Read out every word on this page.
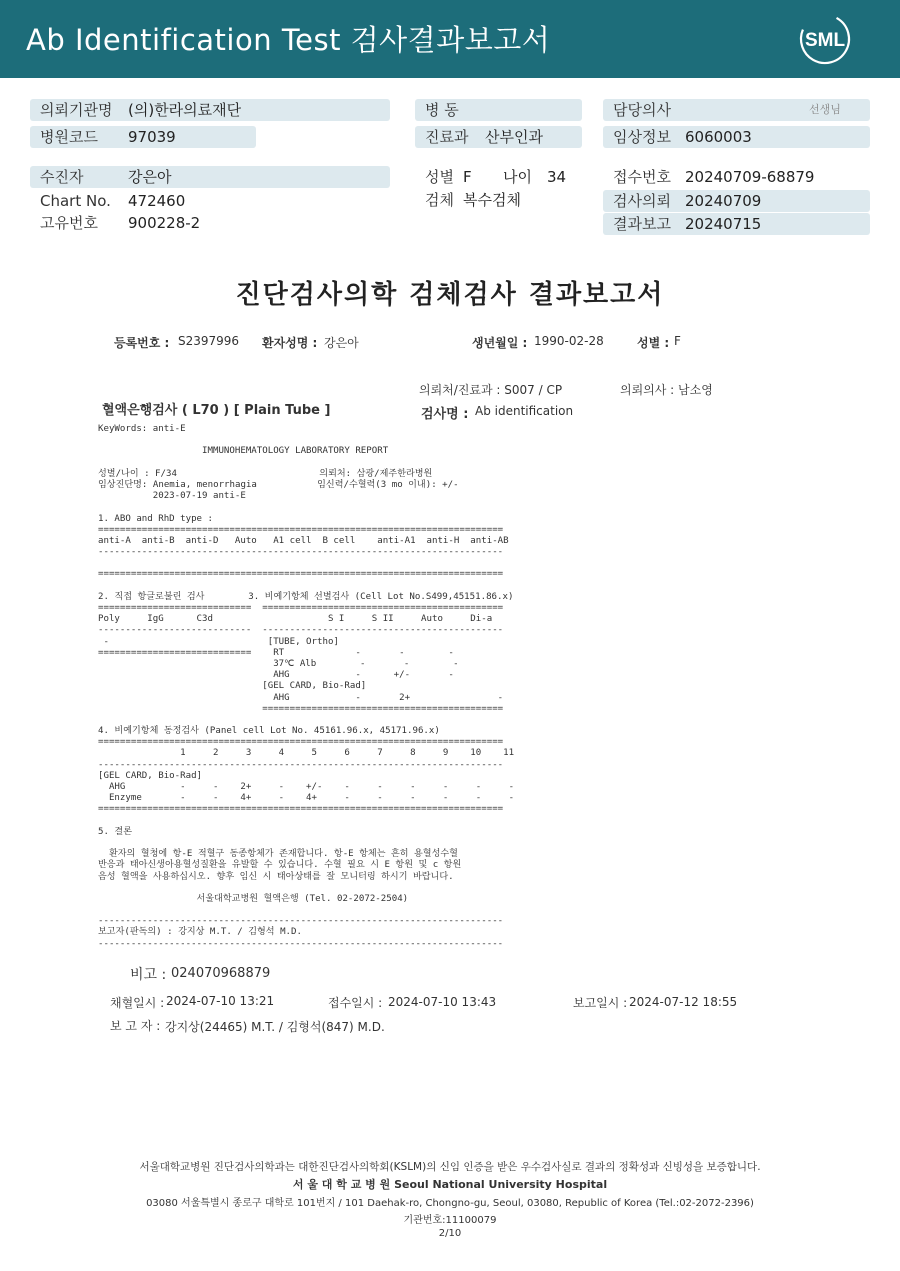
Ab Identification Test 검사결과보고서	SML
의뢰기관명 (의)한라의료재단
병원코드 97039
수진자	강은아
Chart No. 472460
고유번호 900228-2
병 동
진료과 산부인과
성별 F 나이 34
검체 복수검체
담당의사	선생님
임상정보 6060003
접수번호 20240709-68879
검사의뢰 20240709
결과보고 20240715
진단검사의학 검체검사 결과보고서
등록번호 : S2397996 환자성명 : 강은아	생년월일 : 1990-02-28	성별 : F
의뢰처/진료과 : S007 / CP	의뢰의사 : 남소영
혈액은행검사 ( L70 ) [ Plain Tube ]	검사명 : Ab identification
KeyWords: anti-E
IMMUNOHEMATOLOGY LABORATORY REPORT
성별/나이 : F/34                          의뢰처: 삼광/제주한라병원
임상진단명: Anemia, menorrhagia           임신력/수혈력(3 mo 이내): +/-
2023-07-19 anti-E
1. ABO and RhD type :
==========================================================================
anti-A  anti-B  anti-D   Auto   A1 cell  B cell    anti-A1  anti-H  anti-AB
--------------------------------------------------------------------------
==========================================================================
2. 직접 항글로불린 검사        3. 비예기항체 선별검사 (Cell Lot No.S499,45151.86.x)
============================  ============================================
Poly     IgG      C3d                     S I     S II     Auto     Di-a
----------------------------  --------------------------------------------
-                             [TUBE, Ortho]
============================    RT             -       -        -
37℃ Alb        -       -        -
AHG            -      +/-       -
[GEL CARD, Bio-Rad]
AHG            -       2+                -
============================================
4. 비예기항체 동정검사 (Panel cell Lot No. 45161.96.x, 45171.96.x)
==========================================================================
1     2     3     4     5     6     7     8     9    10    11
--------------------------------------------------------------------------
[GEL CARD, Bio-Rad]
AHG          -     -    2+     -    +/-    -     -     -     -     -     -
Enzyme       -     -    4+     -    4+     -     -     -     -     -     -
==========================================================================
5. 결론
환자의 혈청에 항-E 적혈구 동종항체가 존재합니다. 항-E 항체는 흔히 용혈성수혈
반응과 태아신생아용혈성질환을 유발할 수 있습니다. 수혈 필요 시 E 항원 및 c 항원
음성 혈액을 사용하십시오. 향후 임신 시 태아상태를 잘 모니터링 하시기 바랍니다.
서울대학교병원 혈액은행 (Tel. 02-2072-2504)
--------------------------------------------------------------------------
보고자(판독의) : 강지상 M.T. / 김형석 M.D.
--------------------------------------------------------------------------
비고 : 024070968879
채혈일시 : 2024-07-10 13:21	접수일시 : 2024-07-10 13:43	보고일시 : 2024-07-12 18:55
보 고 자 : 강지상(24465) M.T. / 김형석(847) M.D.
서울대학교병원 진단검사의학과는 대한진단검사의학회(KSLM)의 신임 인증을 받은 우수검사실로 결과의 정확성과 신빙성을 보증합니다.
서 울 대 학 교 병 원 Seoul National University Hospital
03080 서울특별시 종로구 대학로 101번지 / 101 Daehak-ro, Chongno-gu, Seoul, 03080, Republic of Korea (Tel.:02-2072-2396)
기관번호:11100079
2/10
